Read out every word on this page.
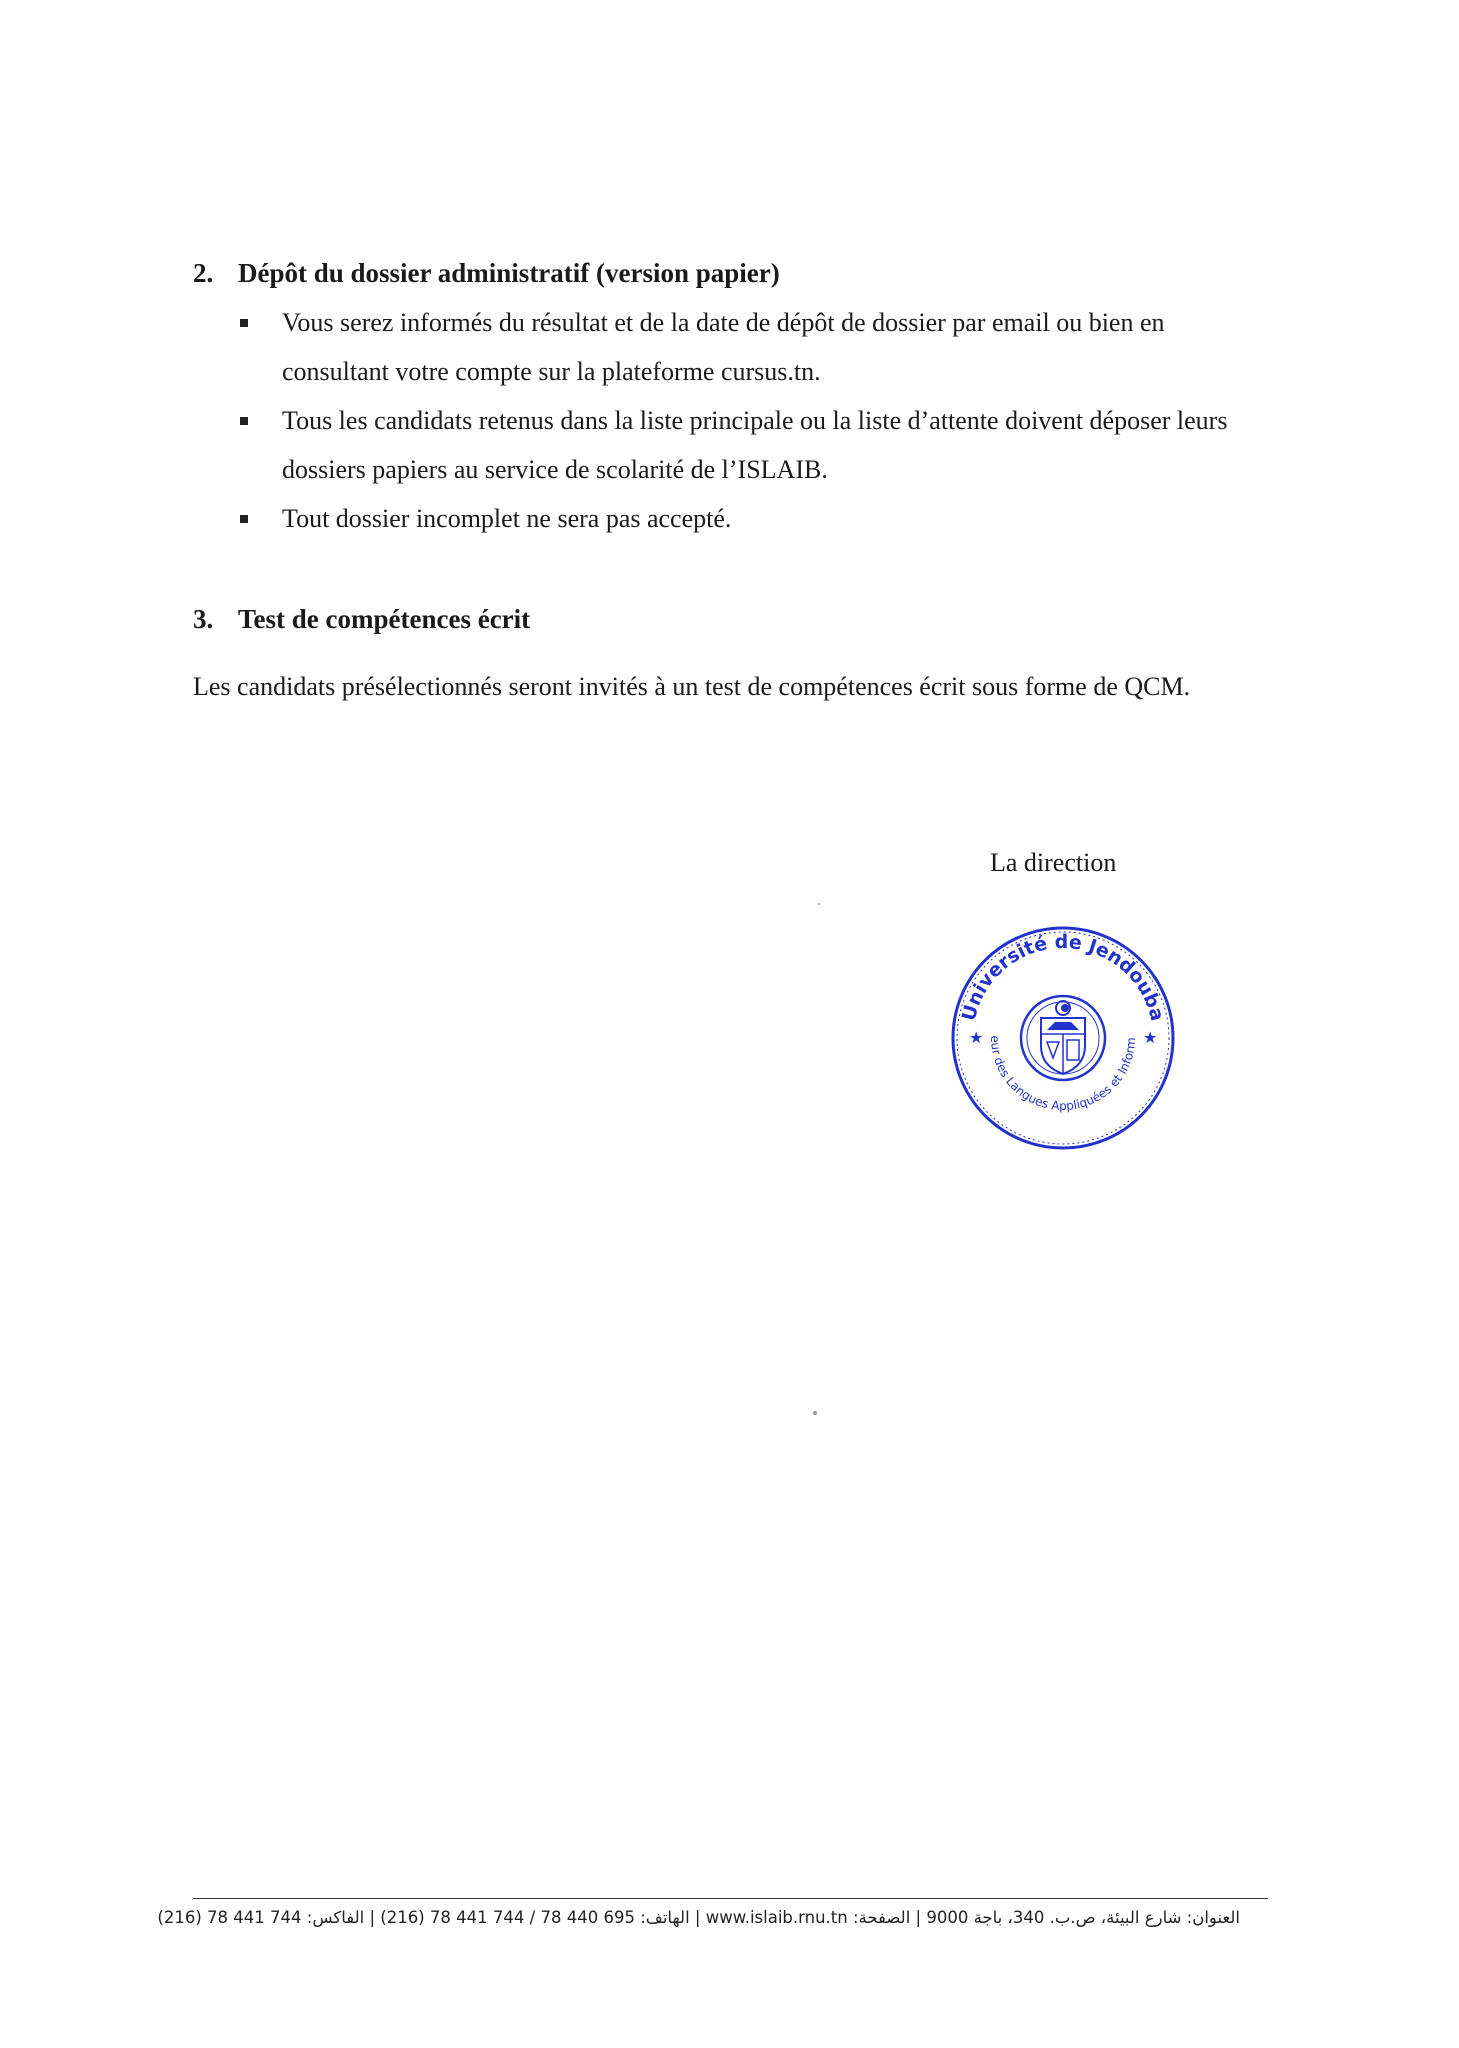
2. Dépôt du dossier administratif (version papier)
Vous serez informés du résultat et de la date de dépôt de dossier par email ou bien en consultant votre compte sur la plateforme cursus.tn.
Tous les candidats retenus dans la liste principale ou la liste d’attente doivent déposer leurs dossiers papiers au service de scolarité de l’ISLAIB.
Tout dossier incomplet ne sera pas accepté.
3. Test de compétences écrit

Les candidats présélectionnés seront invités à un test de compétences écrit sous forme de QCM.

La direction

Université de Jendouba
eur des Langues Appliquées et Inform
★	★
العنوان: شارع البيئة، ص.ب. 340، باجة 9000 | الصفحة: www.islaib.rnu.tn | الهاتف: 695 440 78 / 744 441 78 (216) | الفاكس: 744 441 78 (216)
